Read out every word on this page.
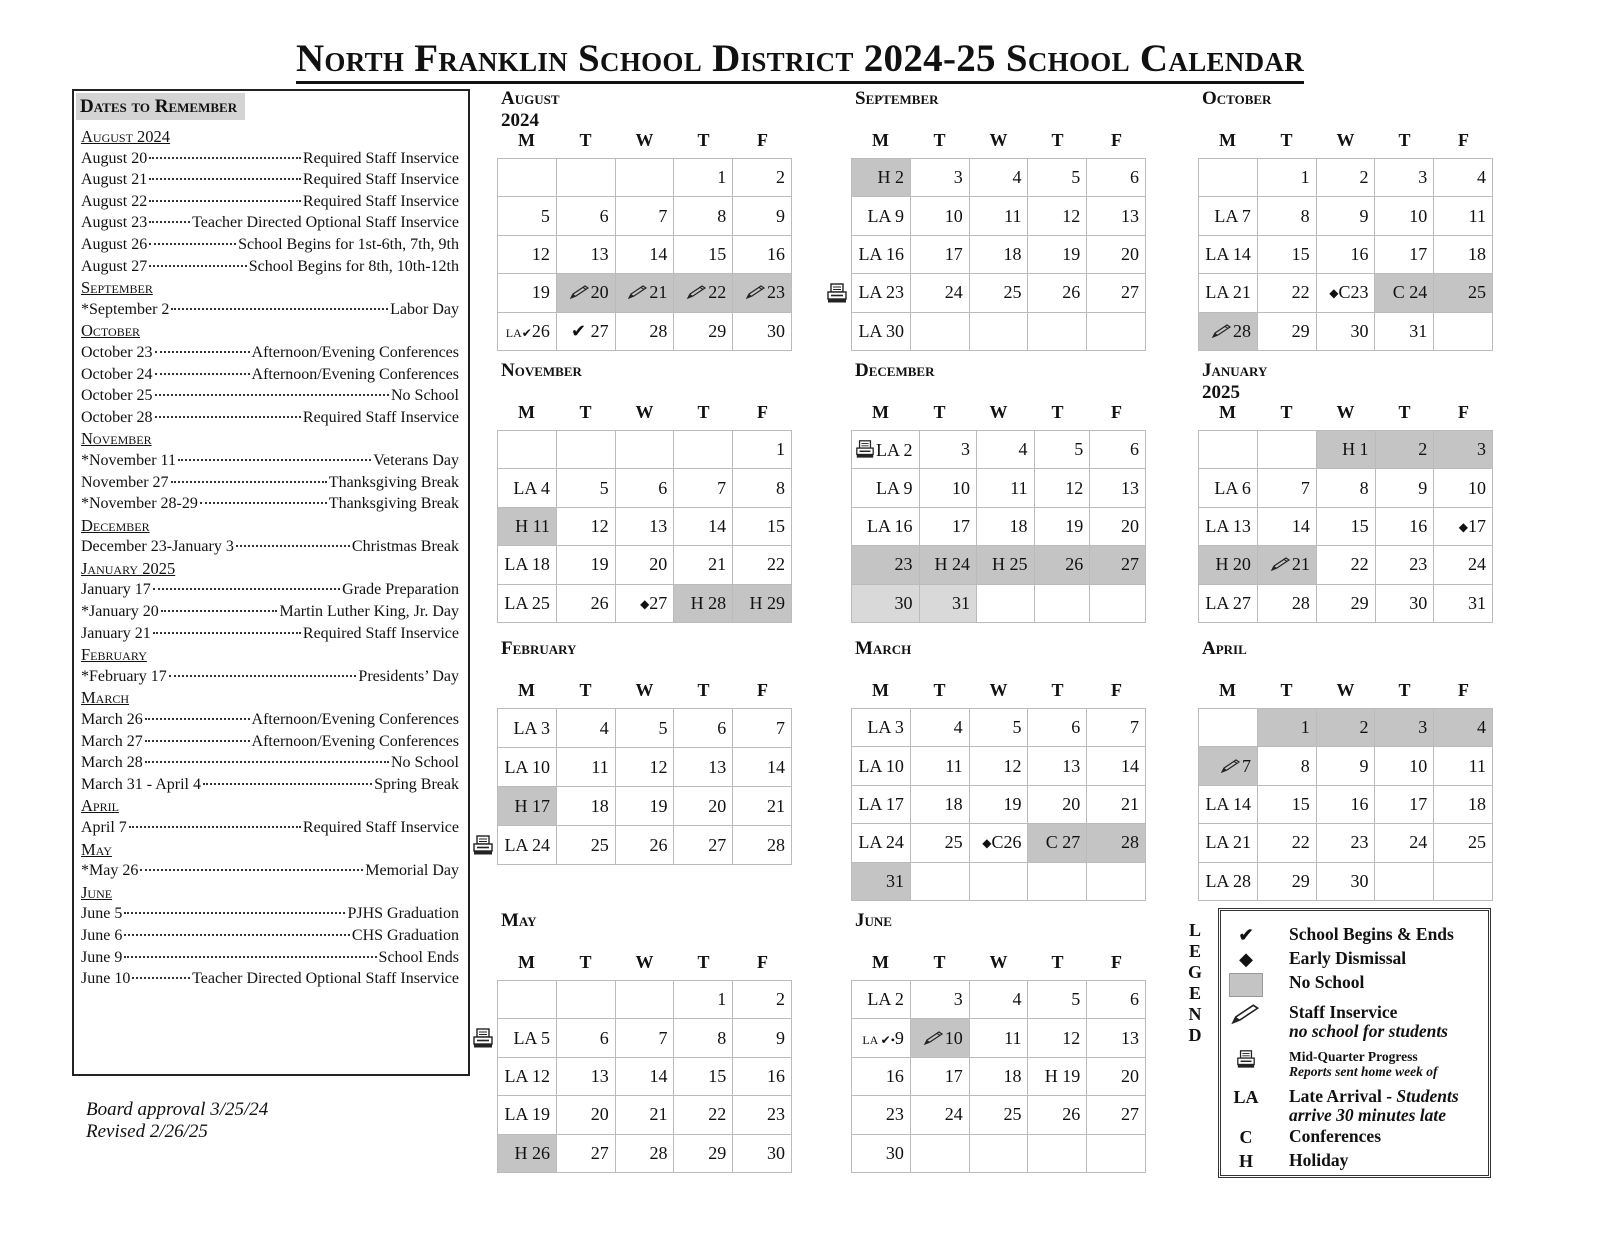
North Franklin School District 2024-25 School Calendar
Dates to Remember
August 2024
August 20	Required Staff Inservice
August 21	Required Staff Inservice
August 22	Required Staff Inservice
August 23	Teacher Directed Optional Staff Inservice
August 26	School Begins for 1st-6th, 7th, 9th
August 27	School Begins for 8th, 10th-12th
September
*September 2	Labor Day
October
October 23	Afternoon/Evening Conferences
October 24	Afternoon/Evening Conferences
October 25	No School
October 28	Required Staff Inservice
November
*November 11	Veterans Day
November 27	Thanksgiving Break
*November 28-29	Thanksgiving Break
December
December 23-January 3	Christmas Break
January 2025
January 17	Grade Preparation
*January 20	Martin Luther King, Jr. Day
January 21	Required Staff Inservice
February
*February 17	Presidents’ Day
March
March 26	Afternoon/Evening Conferences
March 27	Afternoon/Evening Conferences
March 28	No School
March 31 - April 4	Spring Break
April
April 7	Required Staff Inservice
May
*May 26	Memorial Day
June
June 5	PJHS Graduation
June 6	CHS Graduation
June 9	School Ends
June 10	Teacher Directed Optional Staff Inservice
Board approval 3/25/24
Revised 2/26/25
August 2024
M	T	W	T	F
			1	2
5	6	7	8	9
12	13	14	15	16
19	20	21	22	23
LA✔26	✔ 27	28	29	30
September
M	T	W	T	F
H 2	3	4	5	6
LA 9	10	11	12	13
LA 16	17	18	19	20
LA 23	24	25	26	27
LA 30				
October
M	T	W	T	F
	1	2	3	4
LA 7	8	9	10	11
LA 14	15	16	17	18
LA 21	22	◆C23	C 24	25
28	29	30	31	
November
M	T	W	T	F
				1
LA 4	5	6	7	8
H 11	12	13	14	15
LA 18	19	20	21	22
LA 25	26	◆27	H 28	H 29
December
M	T	W	T	F
LA 2	3	4	5	6
LA 9	10	11	12	13
LA 16	17	18	19	20
23	H 24	H 25	26	27
30	31			
January 2025
M	T	W	T	F
		H 1	2	3
LA 6	7	8	9	10
LA 13	14	15	16	◆17
H 20	21	22	23	24
LA 27	28	29	30	31
February
M	T	W	T	F
LA 3	4	5	6	7
LA 10	11	12	13	14
H 17	18	19	20	21
LA 24	25	26	27	28
March
M	T	W	T	F
LA 3	4	5	6	7
LA 10	11	12	13	14
LA 17	18	19	20	21
LA 24	25	◆C26	C 27	28
31				
April
M	T	W	T	F
	1	2	3	4
7	8	9	10	11
LA 14	15	16	17	18
LA 21	22	23	24	25
LA 28	29	30		
May
M	T	W	T	F
			1	2
LA 5	6	7	8	9
LA 12	13	14	15	16
LA 19	20	21	22	23
H 26	27	28	29	30
June
M	T	W	T	F
LA 2	3	4	5	6
LA ✔•9	10	11	12	13
16	17	18	H 19	20
23	24	25	26	27
30				
L
E
G
E
N
D
✔	School Begins & Ends
◆	Early Dismissal
No School
Staff Inservice
no school for students
Mid-Quarter Progress
Reports sent home week of
LA Late Arrival - Students
arrive 30 minutes late
C	Conferences
H	Holiday
